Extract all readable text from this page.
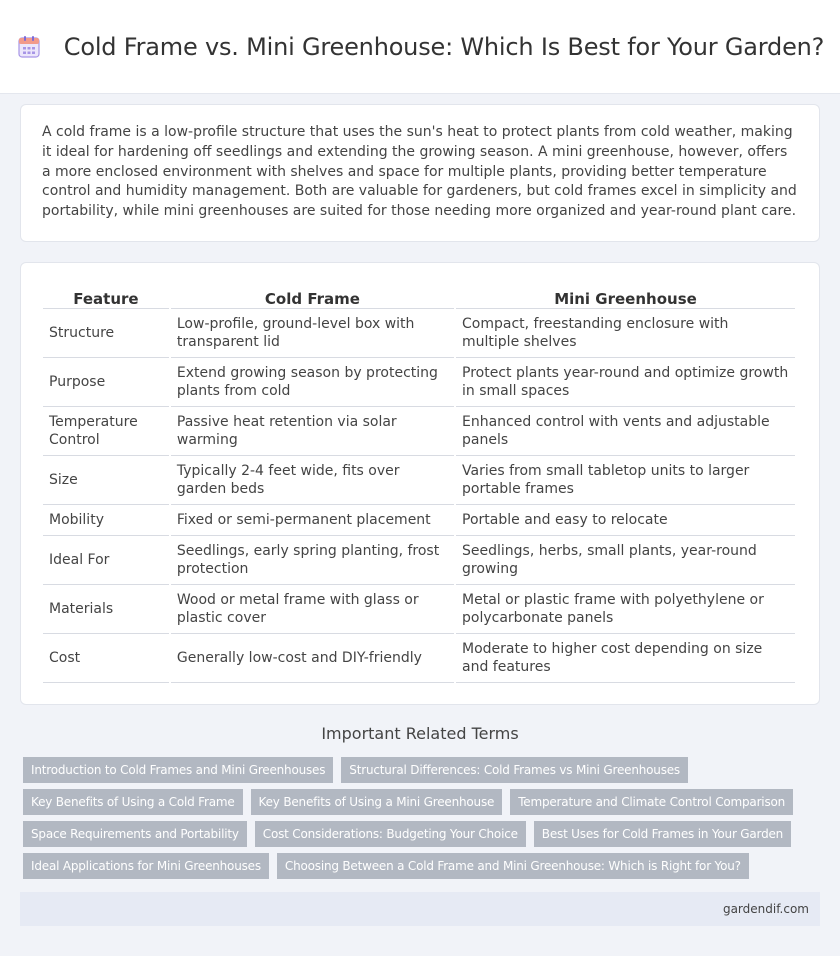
Cold Frame vs. Mini Greenhouse: Which Is Best for Your Garden?

A cold frame is a low-profile structure that uses the sun's heat to protect plants from cold weather, making it ideal for hardening off seedlings and extending the growing season. A mini greenhouse, however, offers a more enclosed environment with shelves and space for multiple plants, providing better temperature control and humidity management. Both are valuable for gardeners, but cold frames excel in simplicity and portability, while mini greenhouses are suited for those needing more organized and year-round plant care.

Feature	Cold Frame	Mini Greenhouse
Structure	Low-profile, ground-level box with transparent lid	Compact, freestanding enclosure with multiple shelves
Purpose	Extend growing season by protecting plants from cold	Protect plants year-round and optimize growth in small spaces
Temperature Control	Passive heat retention via solar warming	Enhanced control with vents and adjustable panels
Size	Typically 2-4 feet wide, fits over garden beds	Varies from small tabletop units to larger portable frames
Mobility	Fixed or semi-permanent placement	Portable and easy to relocate
Ideal For	Seedlings, early spring planting, frost protection	Seedlings, herbs, small plants, year-round growing
Materials	Wood or metal frame with glass or plastic cover	Metal or plastic frame with polyethylene or polycarbonate panels
Cost	Generally low-cost and DIY-friendly	Moderate to higher cost depending on size and features
Important Related Terms
Introduction to Cold Frames and Mini Greenhouses	Structural Differences: Cold Frames vs Mini Greenhouses
Key Benefits of Using a Cold Frame	Key Benefits of Using a Mini Greenhouse	Temperature and Climate Control Comparison
Space Requirements and Portability	Cost Considerations: Budgeting Your Choice	Best Uses for Cold Frames in Your Garden
Ideal Applications for Mini Greenhouses	Choosing Between a Cold Frame and Mini Greenhouse: Which is Right for You?
gardendif.com
